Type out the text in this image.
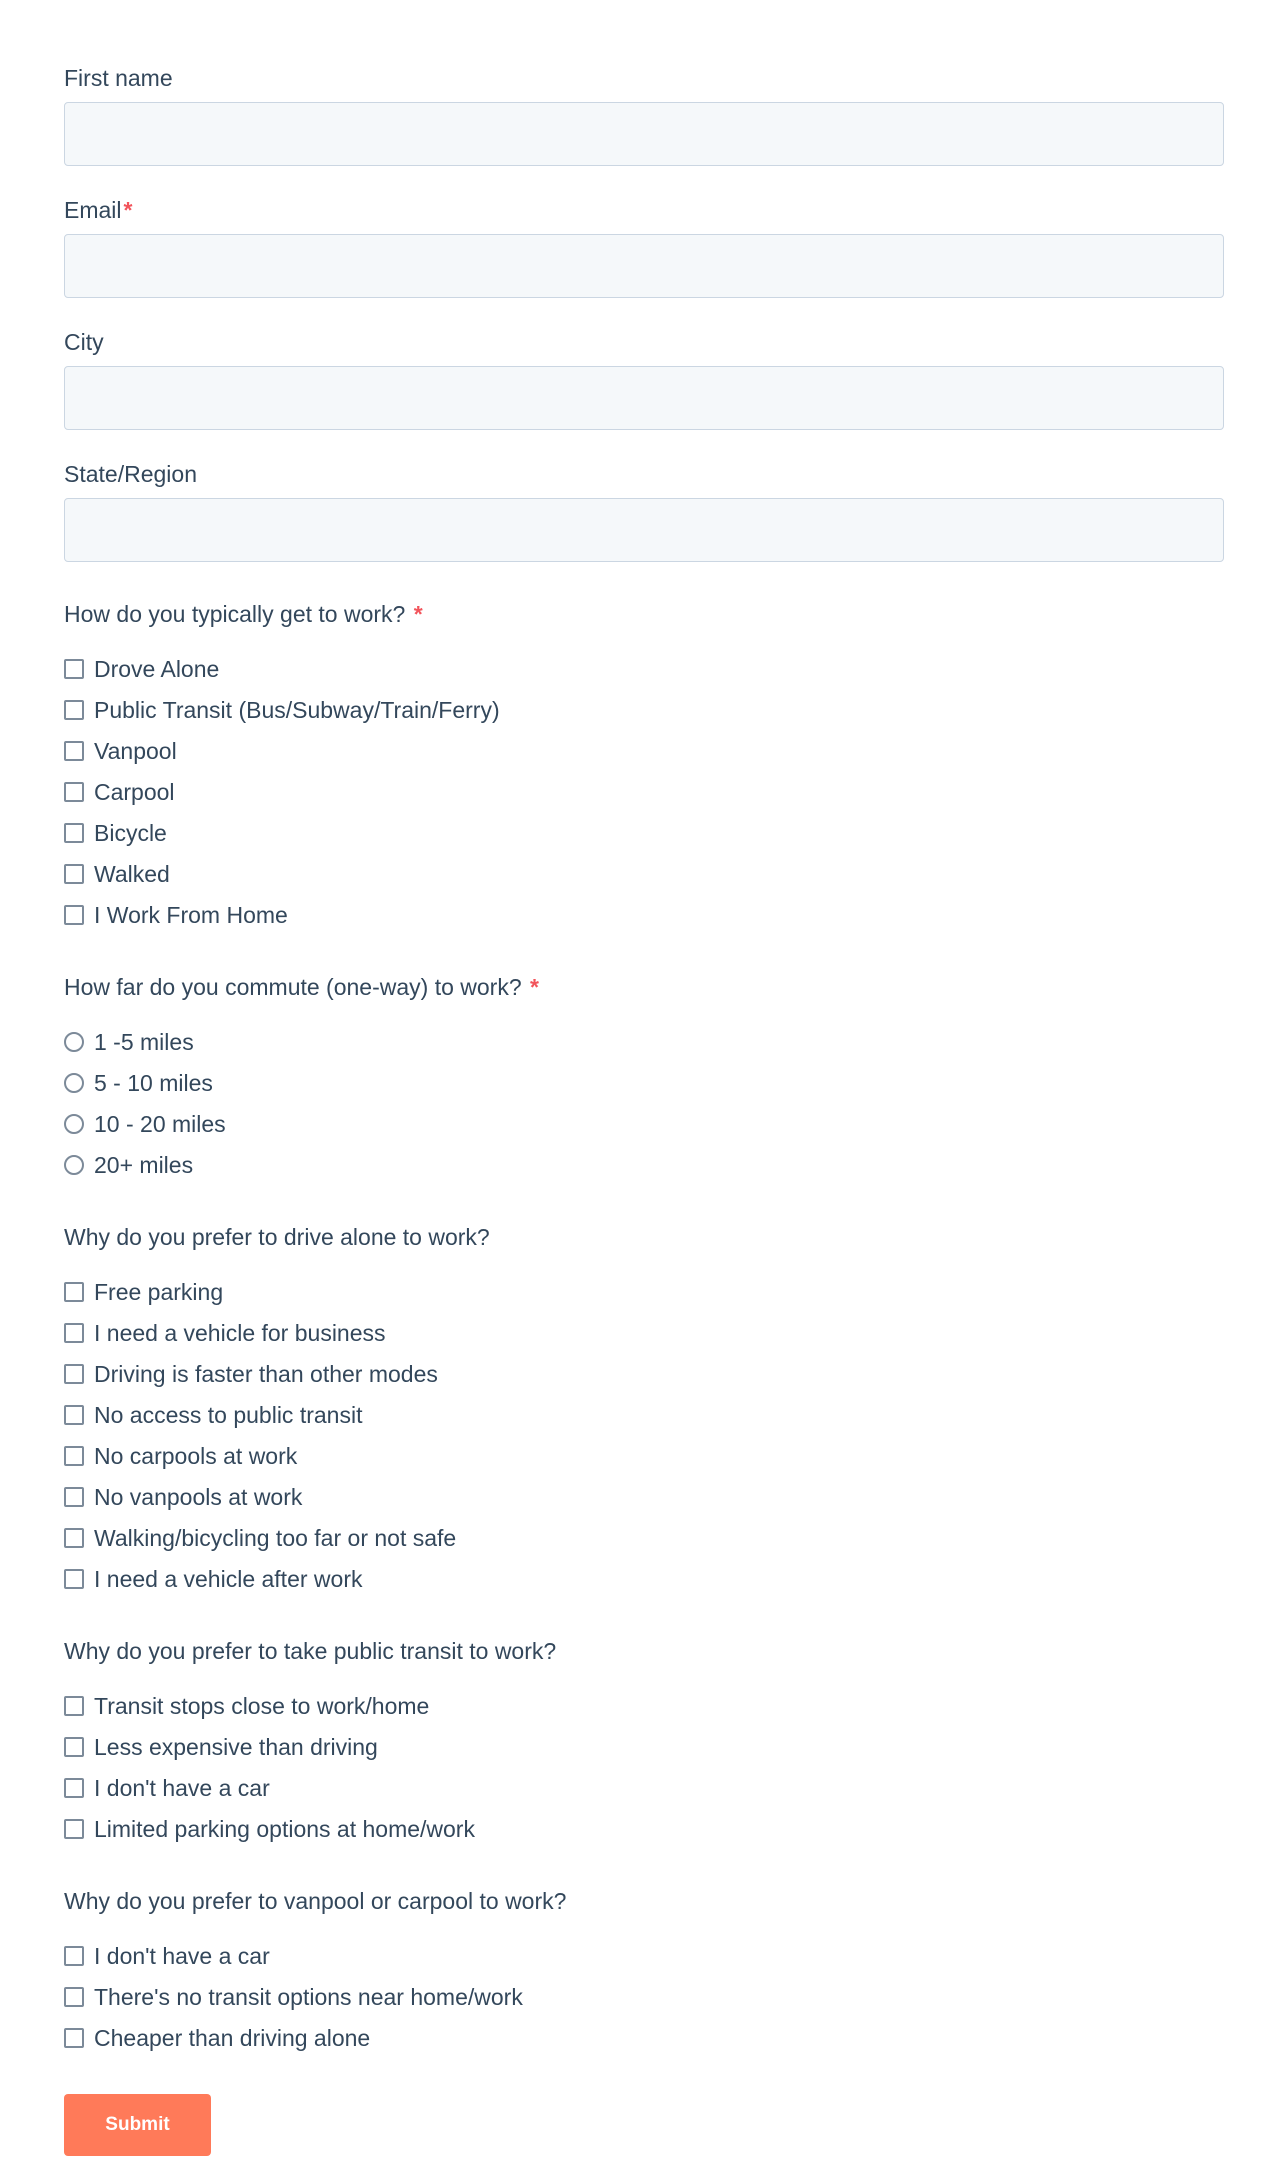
First name
Email*
City
State/Region
How do you typically get to work? *
Drove Alone
Public Transit (Bus/Subway/Train/Ferry)
Vanpool
Carpool
Bicycle
Walked
I Work From Home
How far do you commute (one-way) to work? *
1 -5 miles
5 - 10 miles
10 - 20 miles
20+ miles
Why do you prefer to drive alone to work?
Free parking
I need a vehicle for business
Driving is faster than other modes
No access to public transit
No carpools at work
No vanpools at work
Walking/bicycling too far or not safe
I need a vehicle after work
Why do you prefer to take public transit to work?
Transit stops close to work/home
Less expensive than driving
I don't have a car
Limited parking options at home/work
Why do you prefer to vanpool or carpool to work?
I don't have a car
There's no transit options near home/work
Cheaper than driving alone
Submit
